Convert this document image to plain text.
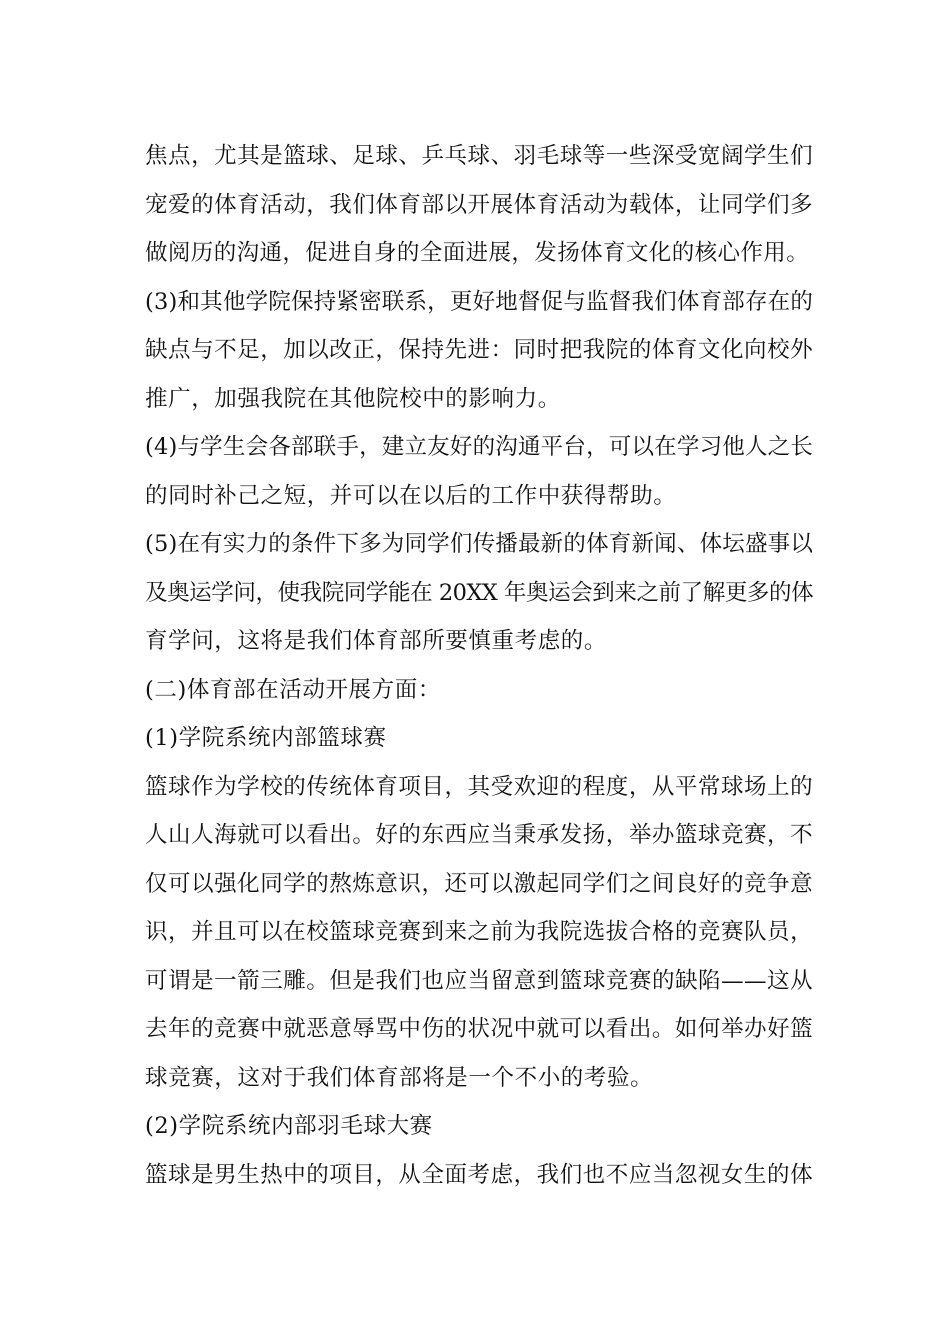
焦点，尤其是篮球、足球、乒乓球、羽毛球等一些深受宽阔学生们
宠爱的体育活动，我们体育部以开展体育活动为载体，让同学们多
做阅历的沟通，促进自身的全面进展，发扬体育文化的核心作用。
(3)和其他学院保持紧密联系，更好地督促与监督我们体育部存在的
缺点与不足，加以改正，保持先进：同时把我院的体育文化向校外
推广，加强我院在其他院校中的影响力。
(4)与学生会各部联手，建立友好的沟通平台，可以在学习他人之长
的同时补己之短，并可以在以后的工作中获得帮助。
(5)在有实力的条件下多为同学们传播最新的体育新闻、体坛盛事以
及奥运学问，使我院同学能在 20XX 年奥运会到来之前了解更多的体
育学问，这将是我们体育部所要慎重考虑的。
(二)体育部在活动开展方面：
(1)学院系统内部篮球赛
篮球作为学校的传统体育项目，其受欢迎的程度，从平常球场上的
人山人海就可以看出。好的东西应当秉承发扬，举办篮球竞赛，不
仅可以强化同学的熬炼意识，还可以激起同学们之间良好的竞争意
识，并且可以在校篮球竞赛到来之前为我院选拔合格的竞赛队员，
可谓是一箭三雕。但是我们也应当留意到篮球竞赛的缺陷——这从
去年的竞赛中就恶意辱骂中伤的状况中就可以看出。如何举办好篮
球竞赛，这对于我们体育部将是一个不小的考验。
(2)学院系统内部羽毛球大赛
篮球是男生热中的项目，从全面考虑，我们也不应当忽视女生的体
